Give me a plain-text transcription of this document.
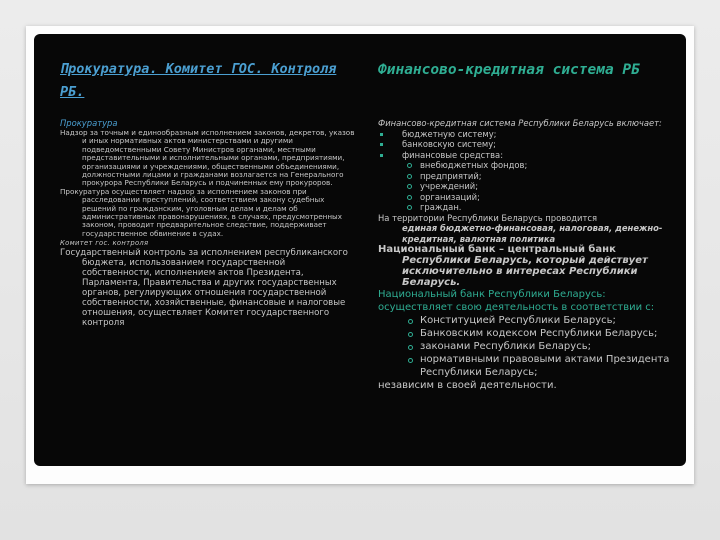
Прокуратура. Комитет ГОС. Контроля РБ.

Прокуратура

Надзор за точным и единообразным исполнением законов, декретов, указов и иных нормативных актов министерствами и другими подведомственными Совету Министров органами, местными представительными и исполнительными органами, предприятиями, организациями и учреждениями, общественными объединениями, должностными лицами и гражданами возлагается на Генерального прокурора Республики Беларусь и подчиненных ему прокуроров.

Прокуратура осуществляет надзор за исполнением законов при расследовании преступлений, соответствием закону судебных решений по гражданским, уголовным делам и делам об административных правонарушениях, в случаях, предусмотренных законом, проводит предварительное следствие, поддерживает государственное обвинение в судах.

Комитет гос. контроля

Государственный контроль за исполнением республиканского бюджета, использованием государственной собственности, исполнением актов Президента, Парламента, Правительства и других государственных органов, регулирующих отношения государственной собственности, хозяйственные, финансовые и налоговые отношения, осуществляет Комитет государственного контроля

Финансово-кредитная система РБ

Финансово-кредитная система Республики Беларусь включает:

бюджетную систему;
банковскую систему;
финансовые средства:
внебюджетных фондов;
предприятий;
учреждений;
организаций;
граждан.

На территории Республики Беларусь проводится

единая бюджетно-финансовая, налоговая, денежно-кредитная, валютная политика

Национальный банк – центральный банк Республики Беларусь, который действует исключительно в интересах Республики Беларусь.

Национальный банк Республики Беларусь:

осуществляет свою деятельность в соответствии с:

Конституцией Республики Беларусь;
Банковским кодексом Республики Беларусь;
законами Республики Беларусь;
нормативными правовыми актами Президента Республики Беларусь;

независим в своей деятельности.
